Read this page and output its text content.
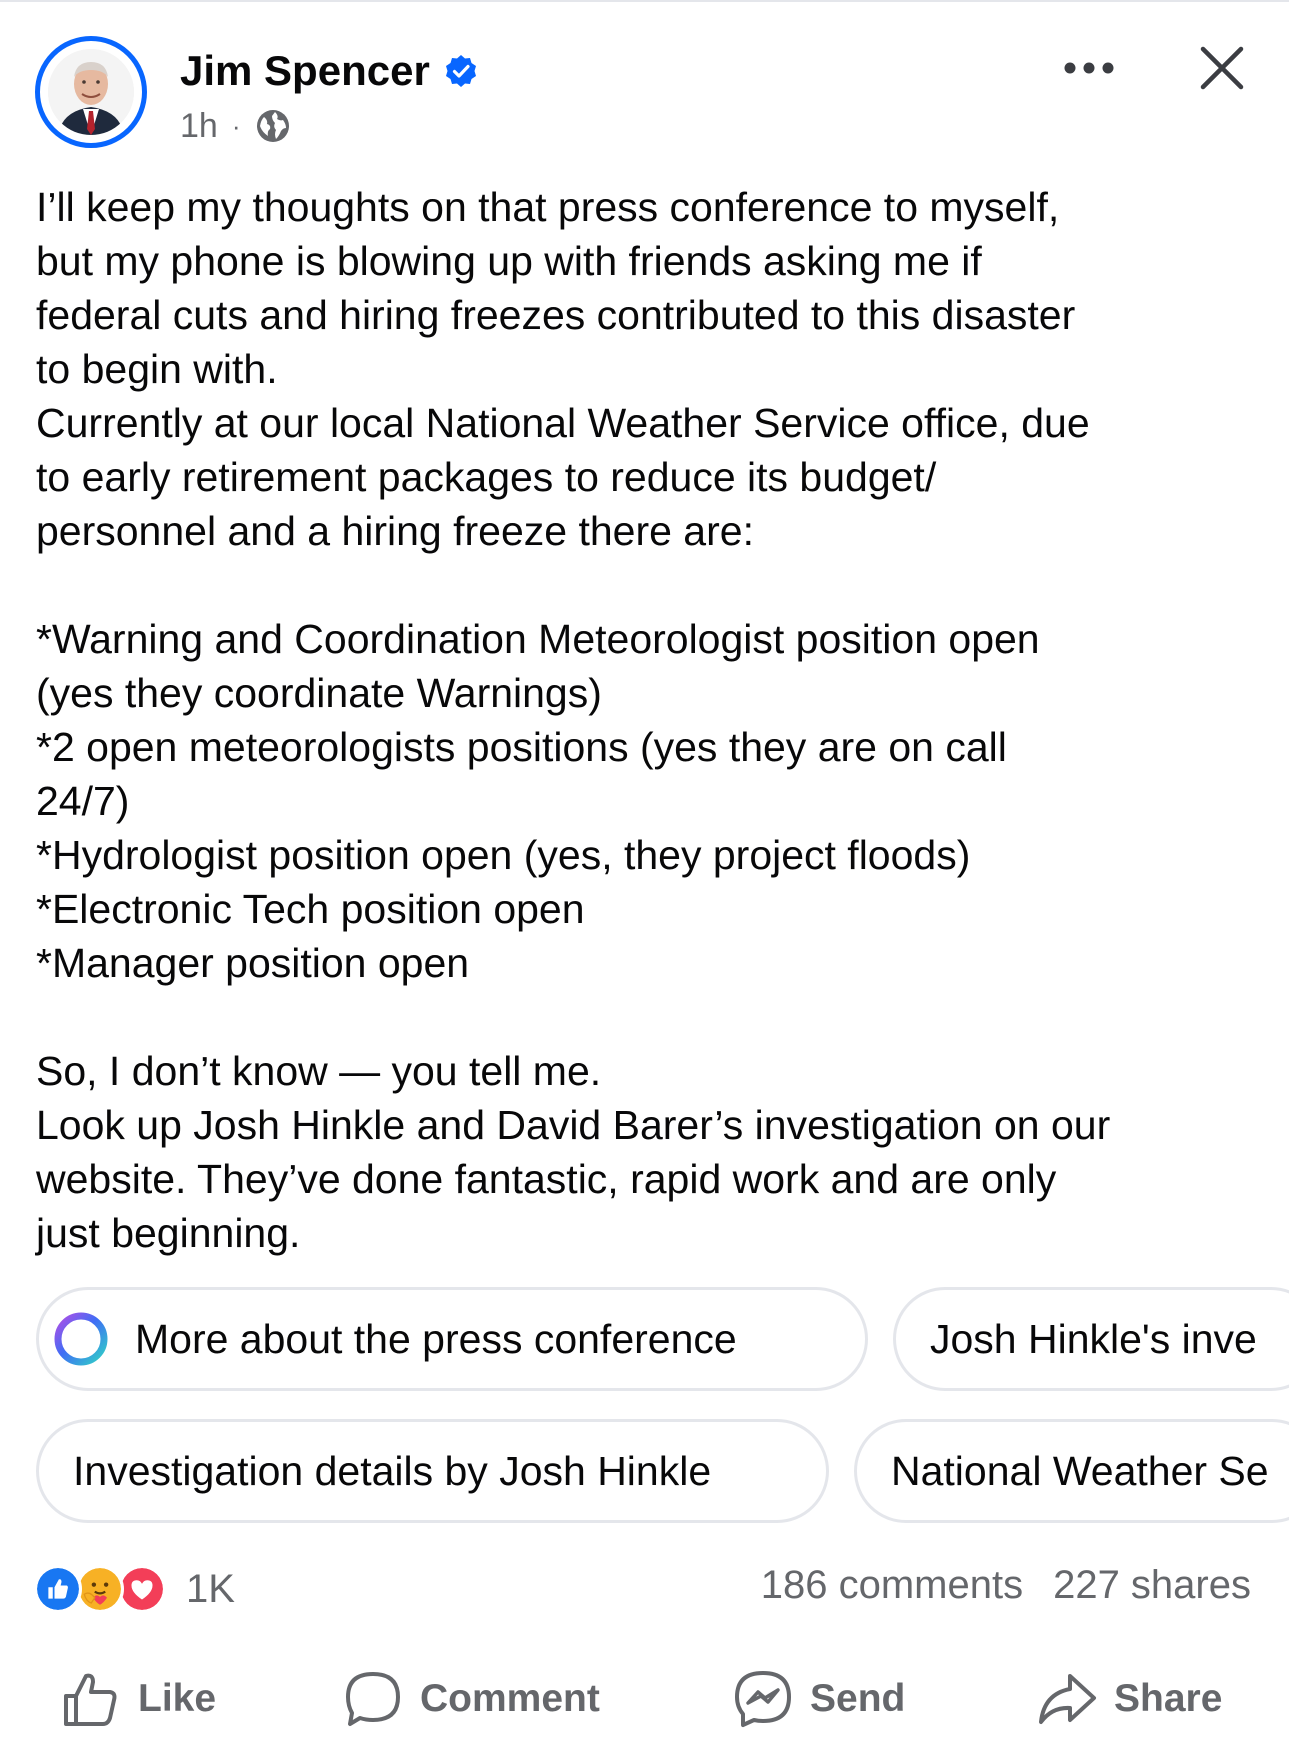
Jim Spencer
1h ·

I’ll keep my thoughts on that press conference to myself,

but my phone is blowing up with friends asking me if

federal cuts and hiring freezes contributed to this disaster

to begin with.

Currently at our local National Weather Service office, due

to early retirement packages to reduce its budget/

personnel and a hiring freeze there are:

*Warning and Coordination Meteorologist position open

(yes they coordinate Warnings)

*2 open meteorologists positions (yes they are on call

24/7)

*Hydrologist position open (yes, they project floods)

*Electronic Tech position open

*Manager position open

So, I don’t know — you tell me.

Look up Josh Hinkle and David Barer’s investigation on our

website. They’ve done fantastic, rapid work and are only

just beginning.

More about the press conference	Josh Hinkle's inve
Investigation details by Josh Hinkle	National Weather Se
1K	186 comments 227 shares
Like	Comment	Send	Share
